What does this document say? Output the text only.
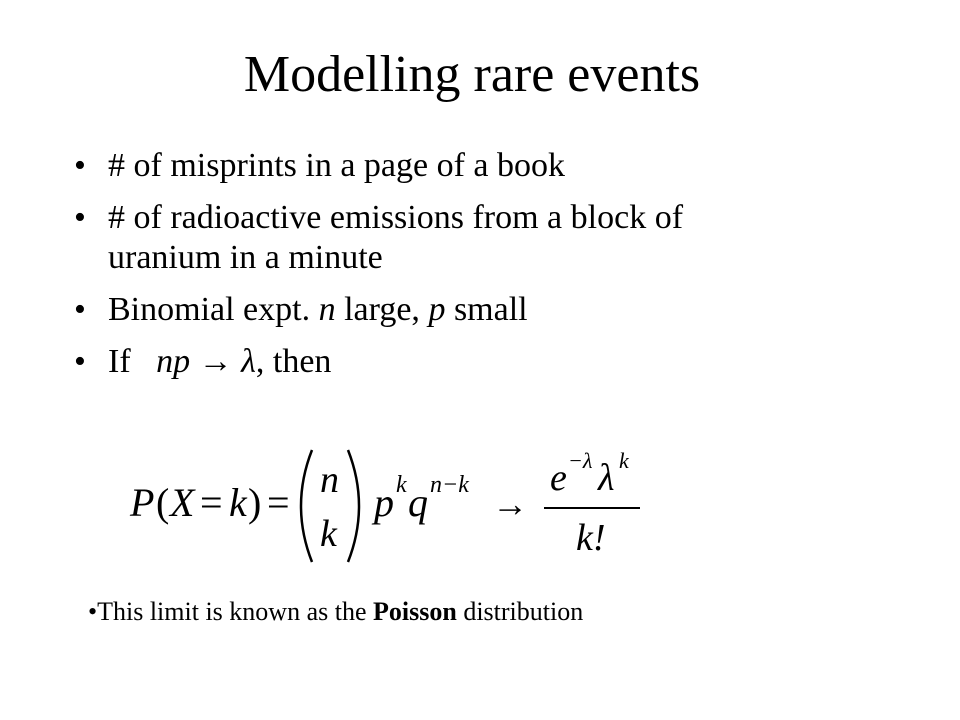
Modelling rare events
• # of misprints in a page of a book
• # of radioactive emissions from a block of
uranium in a minute
• Binomial expt. n large, p small
• If   np → λ, then
P ( X = k ) = n
k
p k q n−k →
e −λ λ k
k!
•This limit is known as the Poisson distribution
